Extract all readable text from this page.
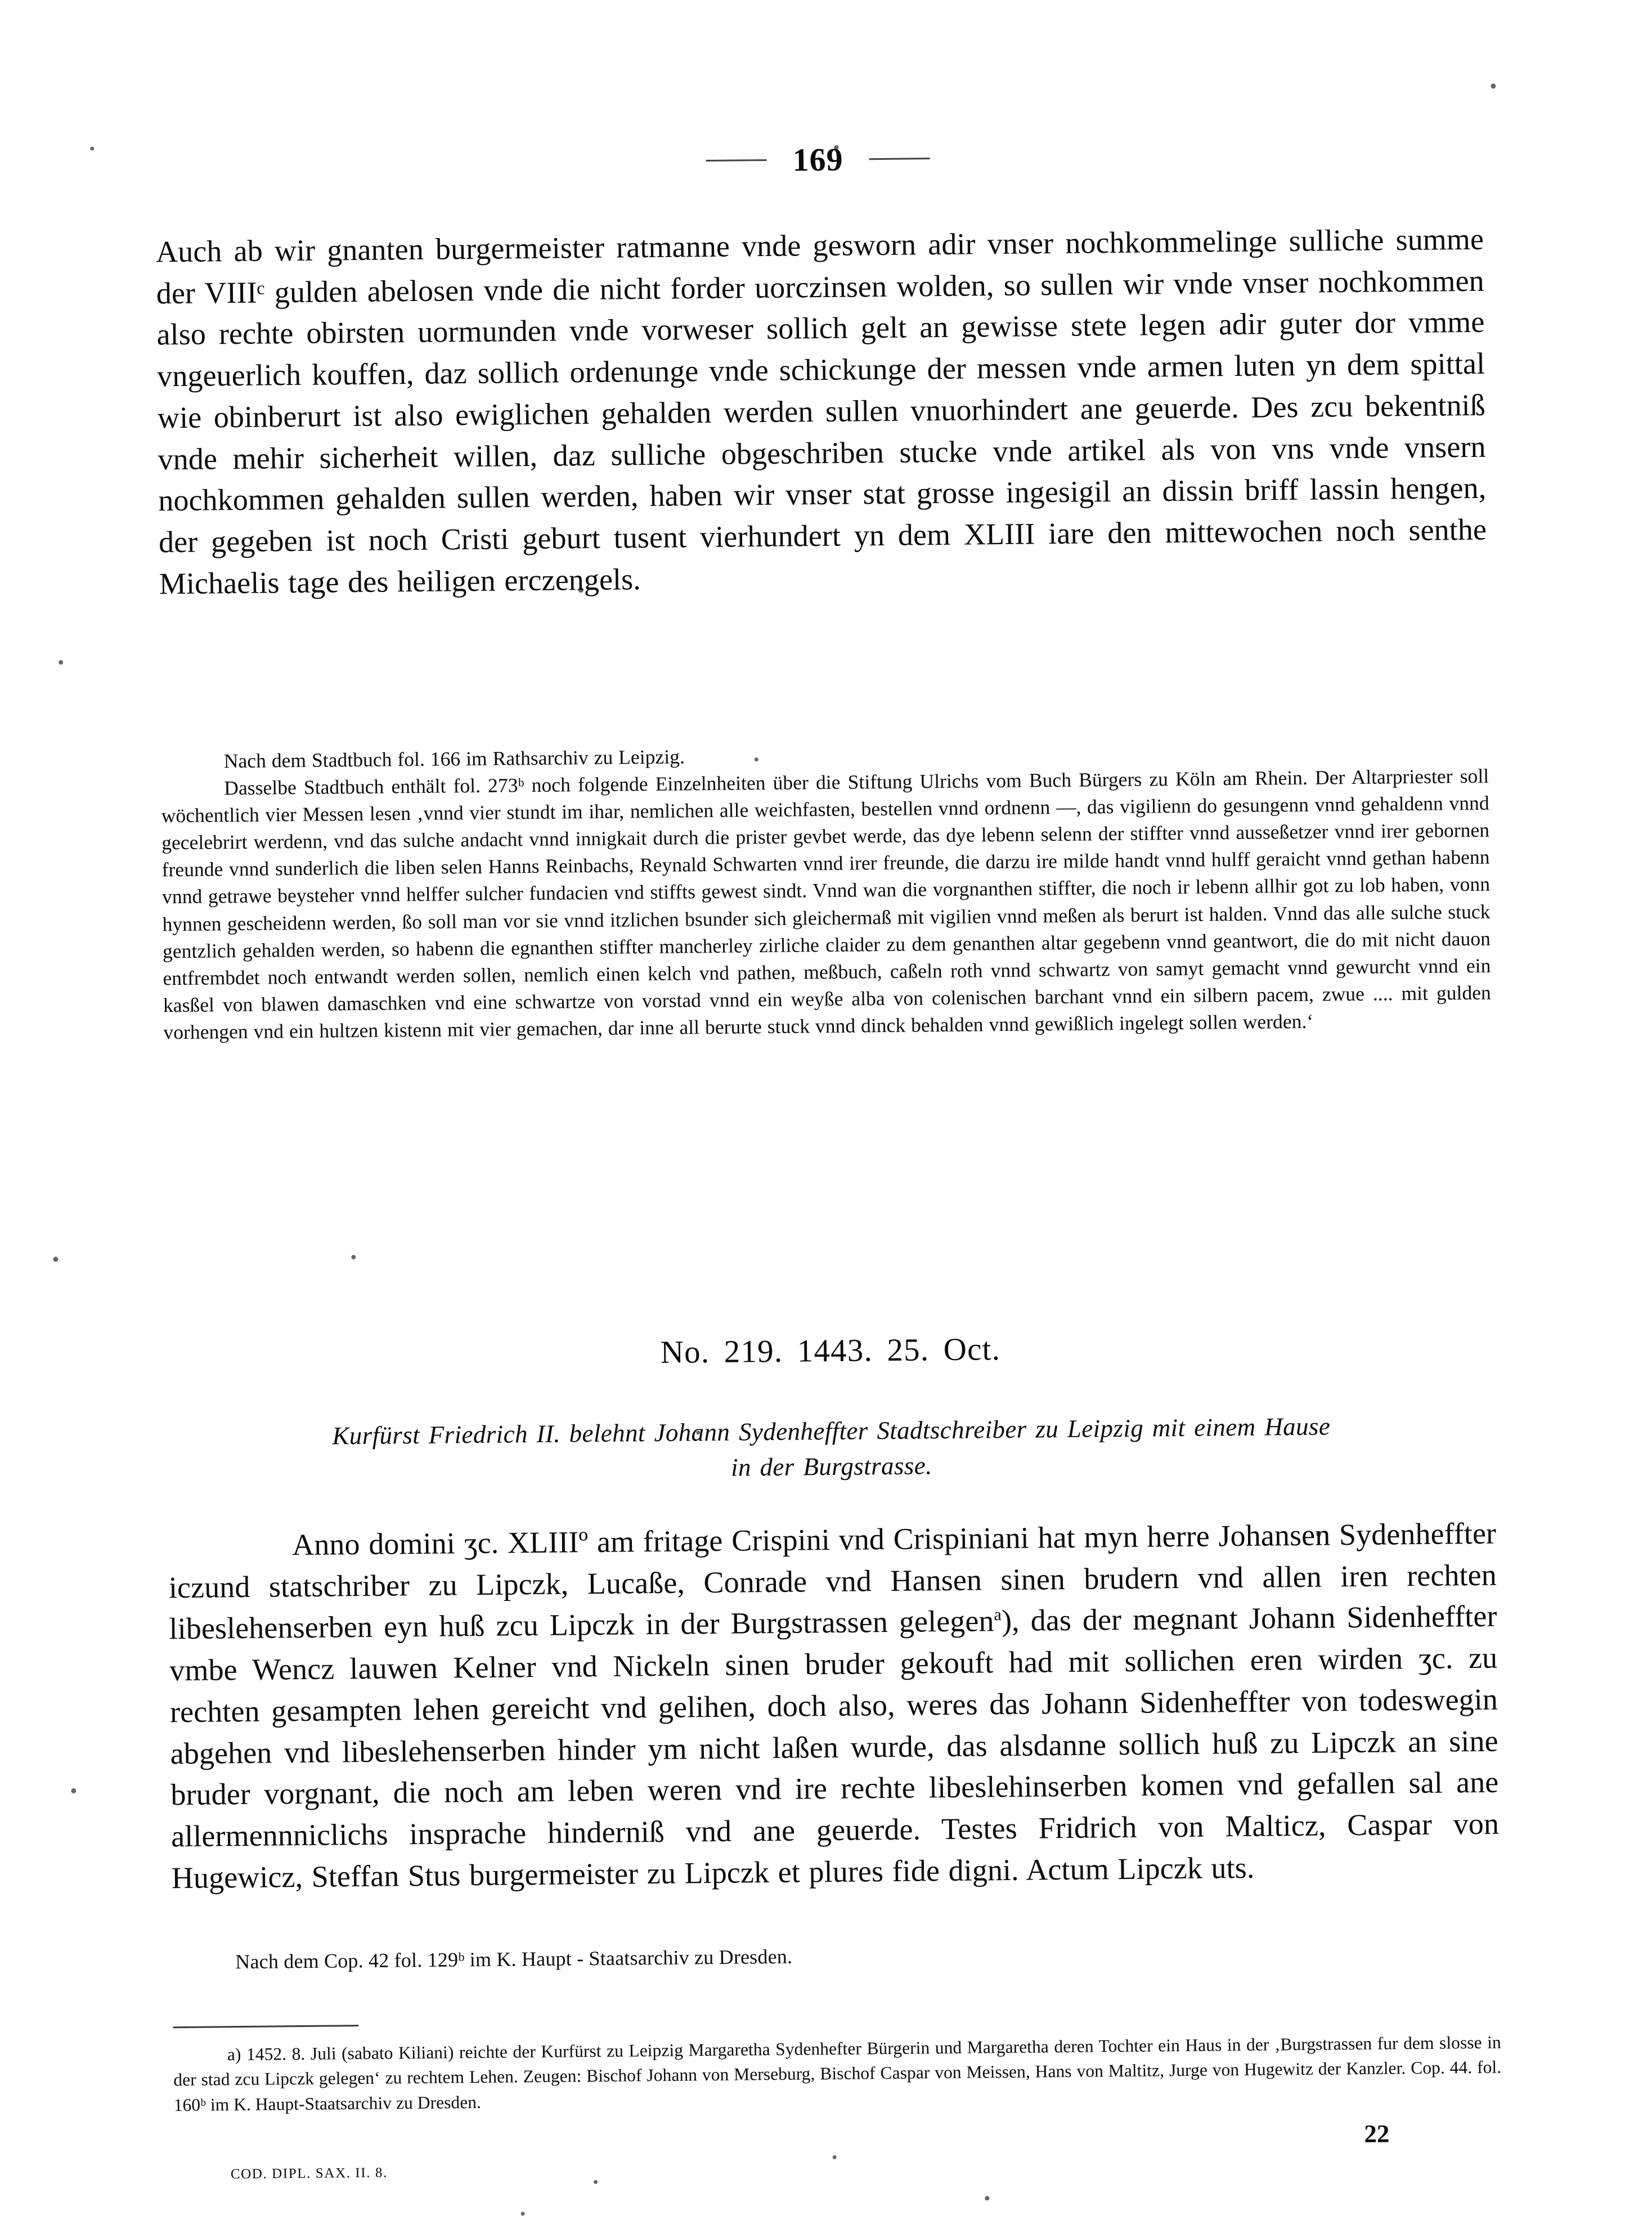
169

Auch ab wir gnanten burgermeister ratmanne vnde gesworn adir vnser nochkommelinge sulliche summe der VIIIᶜ gulden abelosen vnde die nicht forder uorczinsen wolden, so sullen wir vnde vnser nochkommen also rechte obirsten uormunden vnde vorweser sollich gelt an gewisse stete legen adir guter dor vmme vngeuerlich kouffen, daz sollich ordenunge vnde schickunge der messen vnde armen luten yn dem spittal wie obinberurt ist also ewiglichen gehalden werden sullen vnuorhindert ane geuerde. Des zcu bekentniß vnde mehir sicherheit willen, daz sulliche obgeschriben stucke vnde artikel als von vns vnde vnsern nochkommen gehalden sullen werden, haben wir vnser stat grosse ingesigil an dissin briff lassin hengen, der gegeben ist noch Cristi geburt tusent vierhundert yn dem XLIII iare den mittewochen noch senthe Michaelis tage des heiligen erczengels.

Nach dem Stadtbuch fol. 166 im Rathsarchiv zu Leipzig.

Dasselbe Stadtbuch enthält fol. 273ᵇ noch folgende Einzelnheiten über die Stiftung Ulrichs vom Buch Bürgers zu Köln am Rhein. Der Altarpriester soll wöchentlich vier Messen lesen ‚vnnd vier stundt im ihar, nemlichen alle weichfasten, bestellen vnnd ordnenn —, das vigilienn do gesungenn vnnd gehaldenn vnnd gecelebrirt werdenn, vnd das sulche andacht vnnd innigkait durch die prister gevbet werde, das dye lebenn selenn der stiffter vnnd ausseßetzer vnnd irer gebornen freunde vnnd sunderlich die liben selen Hanns Reinbachs, Reynald Schwarten vnnd irer freunde, die darzu ire milde handt vnnd hulff geraicht vnnd gethan habenn vnnd getrawe beysteher vnnd helffer sulcher fundacien vnd stiffts gewest sindt. Vnnd wan die vorgnanthen stiffter, die noch ir lebenn allhir got zu lob haben, vonn hynnen gescheidenn werden, ßo soll man vor sie vnnd itzlichen bsunder sich gleichermaß mit vigilien vnnd meßen als berurt ist halden. Vnnd das alle sulche stuck gentzlich gehalden werden, so habenn die egnanthen stiffter mancherley zirliche claider zu dem genanthen altar gegebenn vnnd geantwort, die do mit nicht dauon entfrembdet noch entwandt werden sollen, nemlich einen kelch vnd pathen, meßbuch, caßeln roth vnnd schwartz von samyt gemacht vnnd gewurcht vnnd ein kasßel von blawen damaschken vnd eine schwartze von vorstad vnnd ein weyße alba von colenischen barchant vnnd ein silbern pacem, zwue .... mit gulden vorhengen vnd ein hultzen kistenn mit vier gemachen, dar inne all berurte stuck vnnd dinck behalden vnnd gewißlich ingelegt sollen werden.‘

No. 219. 1443. 25. Oct.
Kurfürst Friedrich II. belehnt Johann Sydenheffter Stadtschreiber zu Leipzig mit einem Hause
in der Burgstrasse.

Anno domini ʒc. XLIIIº am fritage Crispini vnd Crispiniani hat myn herre Johansen Sydenheffter iczund statschriber zu Lipczk, Lucaße, Conrade vnd Hansen sinen brudern vnd allen iren rechten libeslehenserben eyn huß zcu Lipczk in der Burgstrassen gelegen$^a$), das der megnant Johann Sidenheffter vmbe Wencz lauwen Kelner vnd Nickeln sinen bruder gekouft had mit sollichen eren wirden ʒc. zu rechten gesampten lehen gereicht vnd gelihen, doch also, weres das Johann Sidenheffter von todeswegin abgehen vnd libeslehenserben hinder ym nicht laßen wurde, das alsdanne sollich huß zu Lipczk an sine bruder vorgnant, die noch am leben weren vnd ire rechte libeslehinserben komen vnd gefallen sal ane allermennniclichs insprache hinderniß vnd ane geuerde. Testes Fridrich von Malticz, Caspar von Hugewicz, Steffan Stus burgermeister zu Lipczk et plures fide digni. Actum Lipczk uts.

Nach dem Cop. 42 fol. 129ᵇ im K. Haupt - Staatsarchiv zu Dresden.

a) 1452. 8. Juli (sabato Kiliani) reichte der Kurfürst zu Leipzig Margaretha Sydenhefter Bürgerin und Margaretha deren Tochter ein Haus in der ‚Burgstrassen fur dem slosse in der stad zcu Lipczk gelegen‘ zu rechtem Lehen. Zeugen: Bischof Johann von Merseburg, Bischof Caspar von Meissen, Hans von Maltitz, Jurge von Hugewitz der Kanzler. Cop. 44. fol. 160ᵇ im K. Haupt-Staatsarchiv zu Dresden.

COD. DIPL. SAX. II. 8.
22
